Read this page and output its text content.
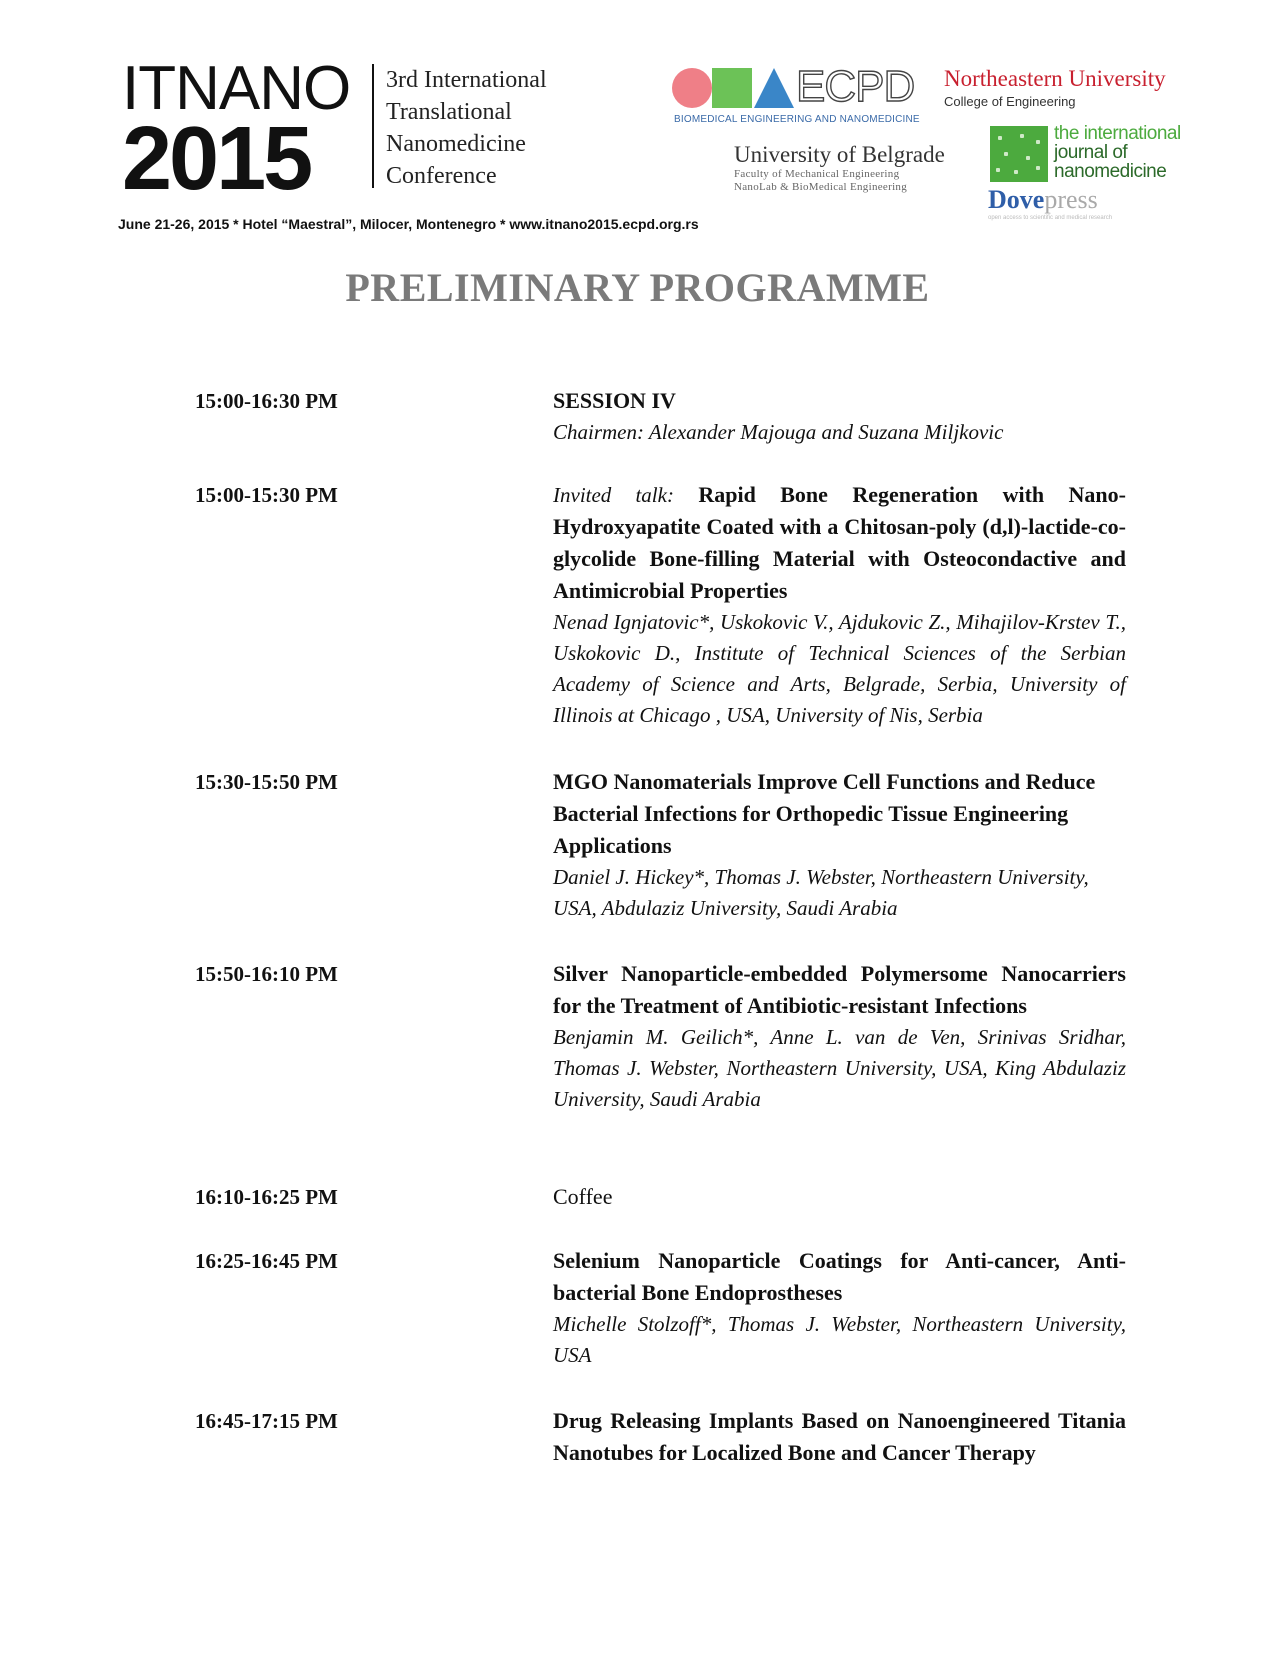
ITNANO
2015
3rd International
Translational
Nanomedicine
Conference
June 21-26, 2015 * Hotel “Maestral”, Milocer, Montenegro * www.itnano2015.ecpd.org.rs
ECPD
BIOMEDICAL ENGINEERING AND NANOMEDICINE
Northeastern University
College of Engineering
University of Belgrade
Faculty of Mechanical Engineering
NanoLab & BioMedical Engineering
the international
journal of
nanomedicine
Dovepress
open access to scientific and medical research
PRELIMINARY PROGRAMME
15:00-16:30 PM	SESSION IV
Chairmen: Alexander Majouga and Suzana Miljkovic
15:00-15:30 PM	Invited talk: Rapid Bone Regeneration with Nano-Hydroxyapatite Coated with a Chitosan-poly (d,l)-lactide-co-glycolide Bone-filling Material with Osteocondactive and Antimicrobial Properties
Nenad Ignjatovic*, Uskokovic V., Ajdukovic Z., Mihajilov-Krstev T., Uskokovic D., Institute of Technical Sciences of the Serbian Academy of Science and Arts, Belgrade, Serbia, University of Illinois at Chicago , USA, University of Nis, Serbia
15:30-15:50 PM	MGO Nanomaterials Improve Cell Functions and Reduce Bacterial Infections for Orthopedic Tissue Engineering Applications
Daniel J. Hickey*, Thomas J. Webster, Northeastern University, USA, Abdulaziz University, Saudi Arabia
15:50-16:10 PM	Silver Nanoparticle-embedded Polymersome Nanocarriers for the Treatment of Antibiotic-resistant Infections
Benjamin M. Geilich*, Anne L. van de Ven, Srinivas Sridhar, Thomas J. Webster, Northeastern University, USA, King Abdulaziz University, Saudi Arabia
16:10-16:25 PM	Coffee
16:25-16:45 PM	Selenium Nanoparticle Coatings for Anti-cancer, Anti-bacterial Bone Endoprostheses
Michelle Stolzoff*, Thomas J. Webster, Northeastern University, USA
16:45-17:15 PM	Drug Releasing Implants Based on Nanoengineered Titania Nanotubes for Localized Bone and Cancer Therapy
